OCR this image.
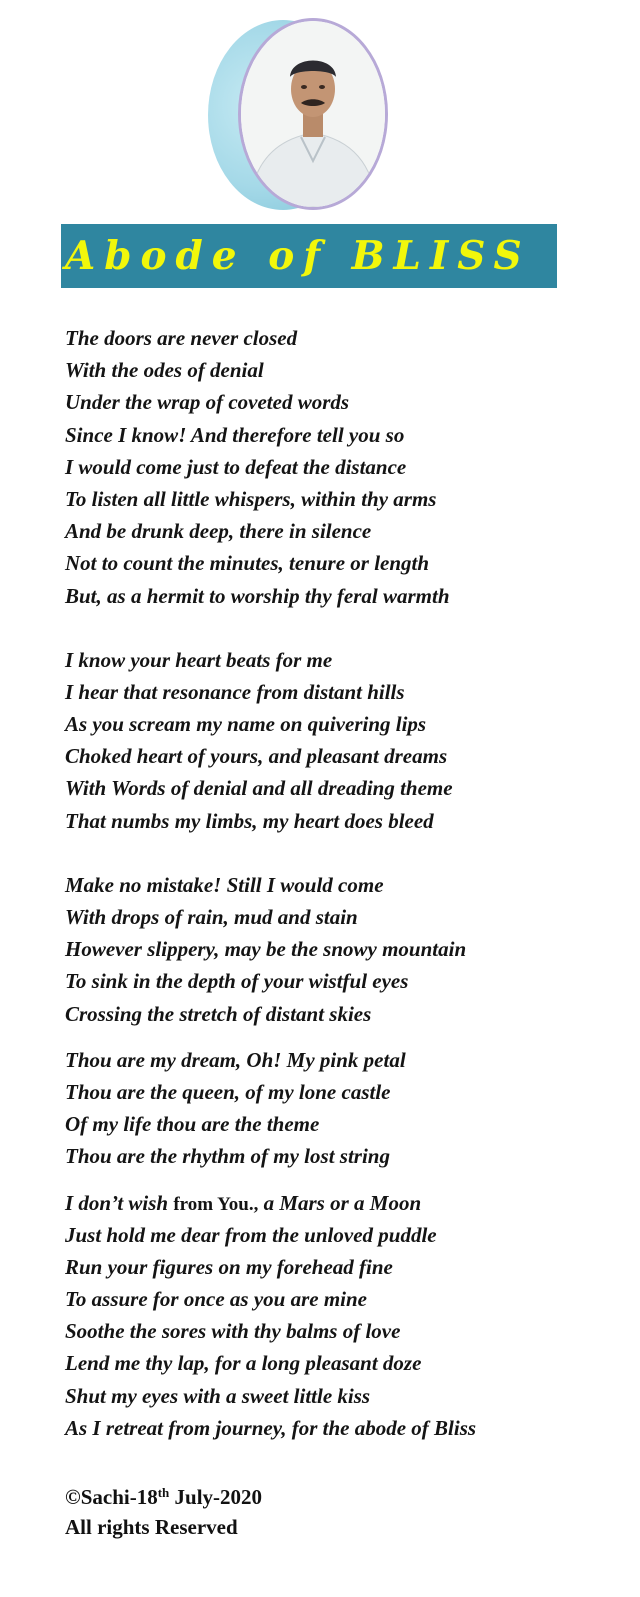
Abode of BLISS
The doors are never closed
With the odes of denial
Under the wrap of coveted words
Since I know! And therefore tell you so
I would come just to defeat the distance
To listen all little whispers, within thy arms
And be drunk deep, there in silence
Not to count the minutes, tenure or length
But, as a hermit to worship thy feral warmth
I know your heart beats for me
I hear that resonance from distant hills
As you scream my name on quivering lips
Choked heart of yours, and pleasant dreams
With Words of denial and all dreading theme
That numbs my limbs, my heart does bleed
Make no mistake! Still I would come
With drops of rain, mud and stain
However slippery, may be the snowy mountain
To sink in the depth of your wistful eyes
Crossing the stretch of distant skies
Thou are my dream, Oh! My pink petal
Thou are the queen, of my lone castle
Of my life thou are the theme
Thou are the rhythm of my lost string
I don’t wish from You., a Mars or a Moon
Just hold me dear from the unloved puddle
Run your figures on my forehead fine
To assure for once as you are mine
Soothe the sores with thy balms of love
Lend me thy lap, for a long pleasant doze
Shut my eyes with a sweet little kiss
As I retreat from journey, for the abode of Bliss
©Sachi-18th July-2020
All rights Reserved
